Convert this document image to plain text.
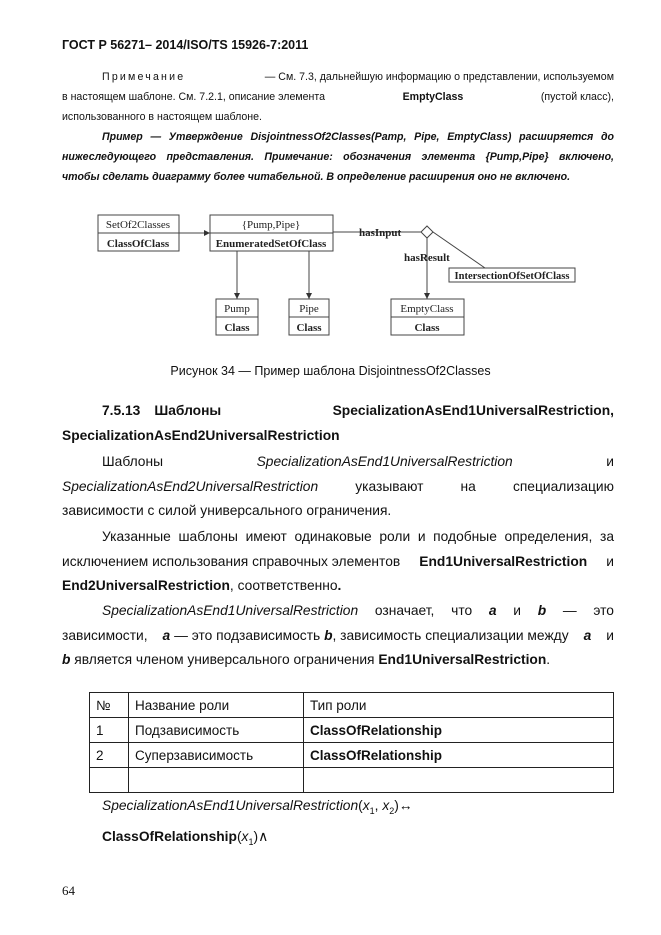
ГОСТ Р 56271– 2014/ISO/TS 15926-7:2011
Примечание	— См. 7.3, дальнейшую информацию о представлении, используемом
в настоящем шаблоне. См. 7.2.1, описание элемента	EmptyClass	(пустой класс),
использованного в настоящем шаблоне.
Пример — Утверждение DisjointnessOf2Classes(Pamp, Pipe, EmptyClass) расширяется до
нижеследующего представления. Примечание: обозначения элемента {Pump,Pipe} включено,
чтобы сделать диаграмму более читабельной. В определение расширения оно не включено.
SetOf2Classes
ClassOfClass
{Pump,Pipe}
EnumeratedSetOfClass
Pump
Class
Pipe
Class
EmptyClass
Class
IntersectionOfSetOfClass
hasInput
hasResult
Рисунок 34 — Пример шаблона DisjointnessOf2Classes
7.5.13 Шаблоны	SpecializationAsEnd1UniversalRestriction,
SpecializationAsEnd2UniversalRestriction
Шаблоны	SpecializationAsEnd1UniversalRestriction	и
SpecializationAsEnd2UniversalRestriction	указывают	на	специализацию
зависимости с силой универсального ограничения.
Указанные шаблоны имеют одинаковые роли и подобные определения, за
исключением использования справочных элементов End1UniversalRestriction и
End2UniversalRestriction, соответственно.
SpecializationAsEnd1UniversalRestriction означает, что a и b — это
зависимости, a — это подзависимость b, зависимость специализации между a и
b является членом универсального ограничения End1UniversalRestriction.
№	Название роли	Тип роли
1	Подзависимость	ClassOfRelationship
2	Суперзависимость	ClassOfRelationship

$SpecializationAsEnd1UniversalRestriction(x_1$, $x_2)\leftrightarrow$
$ClassOfRelationship(x_1)\wedge$
64
